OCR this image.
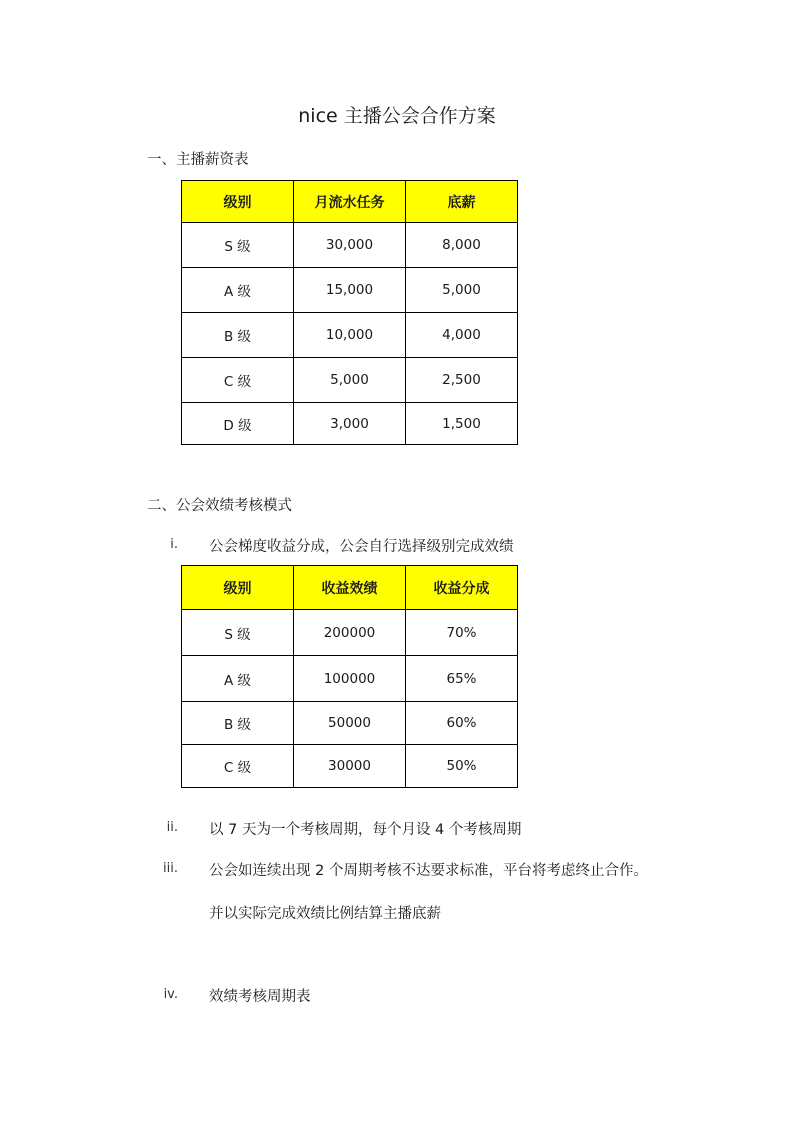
nice 主播公会合作方案
一、主播薪资表
级别	月流水任务	底薪
S 级	30,000	8,000
A 级	15,000	5,000
B 级	10,000	4,000
C 级	5,000	2,500
D 级	3,000	1,500
二、公会效绩考核模式
i. 公会梯度收益分成，公会自行选择级别完成效绩
级别	收益效绩	收益分成
S 级	200000	70%
A 级	100000	65%
B 级	50000	60%
C 级	30000	50%
ii. 以 7 天为一个考核周期，每个月设 4 个考核周期
iii. 公会如连续出现 2 个周期考核不达要求标准，平台将考虑终止合作。
并以实际完成效绩比例结算主播底薪
iv. 效绩考核周期表
